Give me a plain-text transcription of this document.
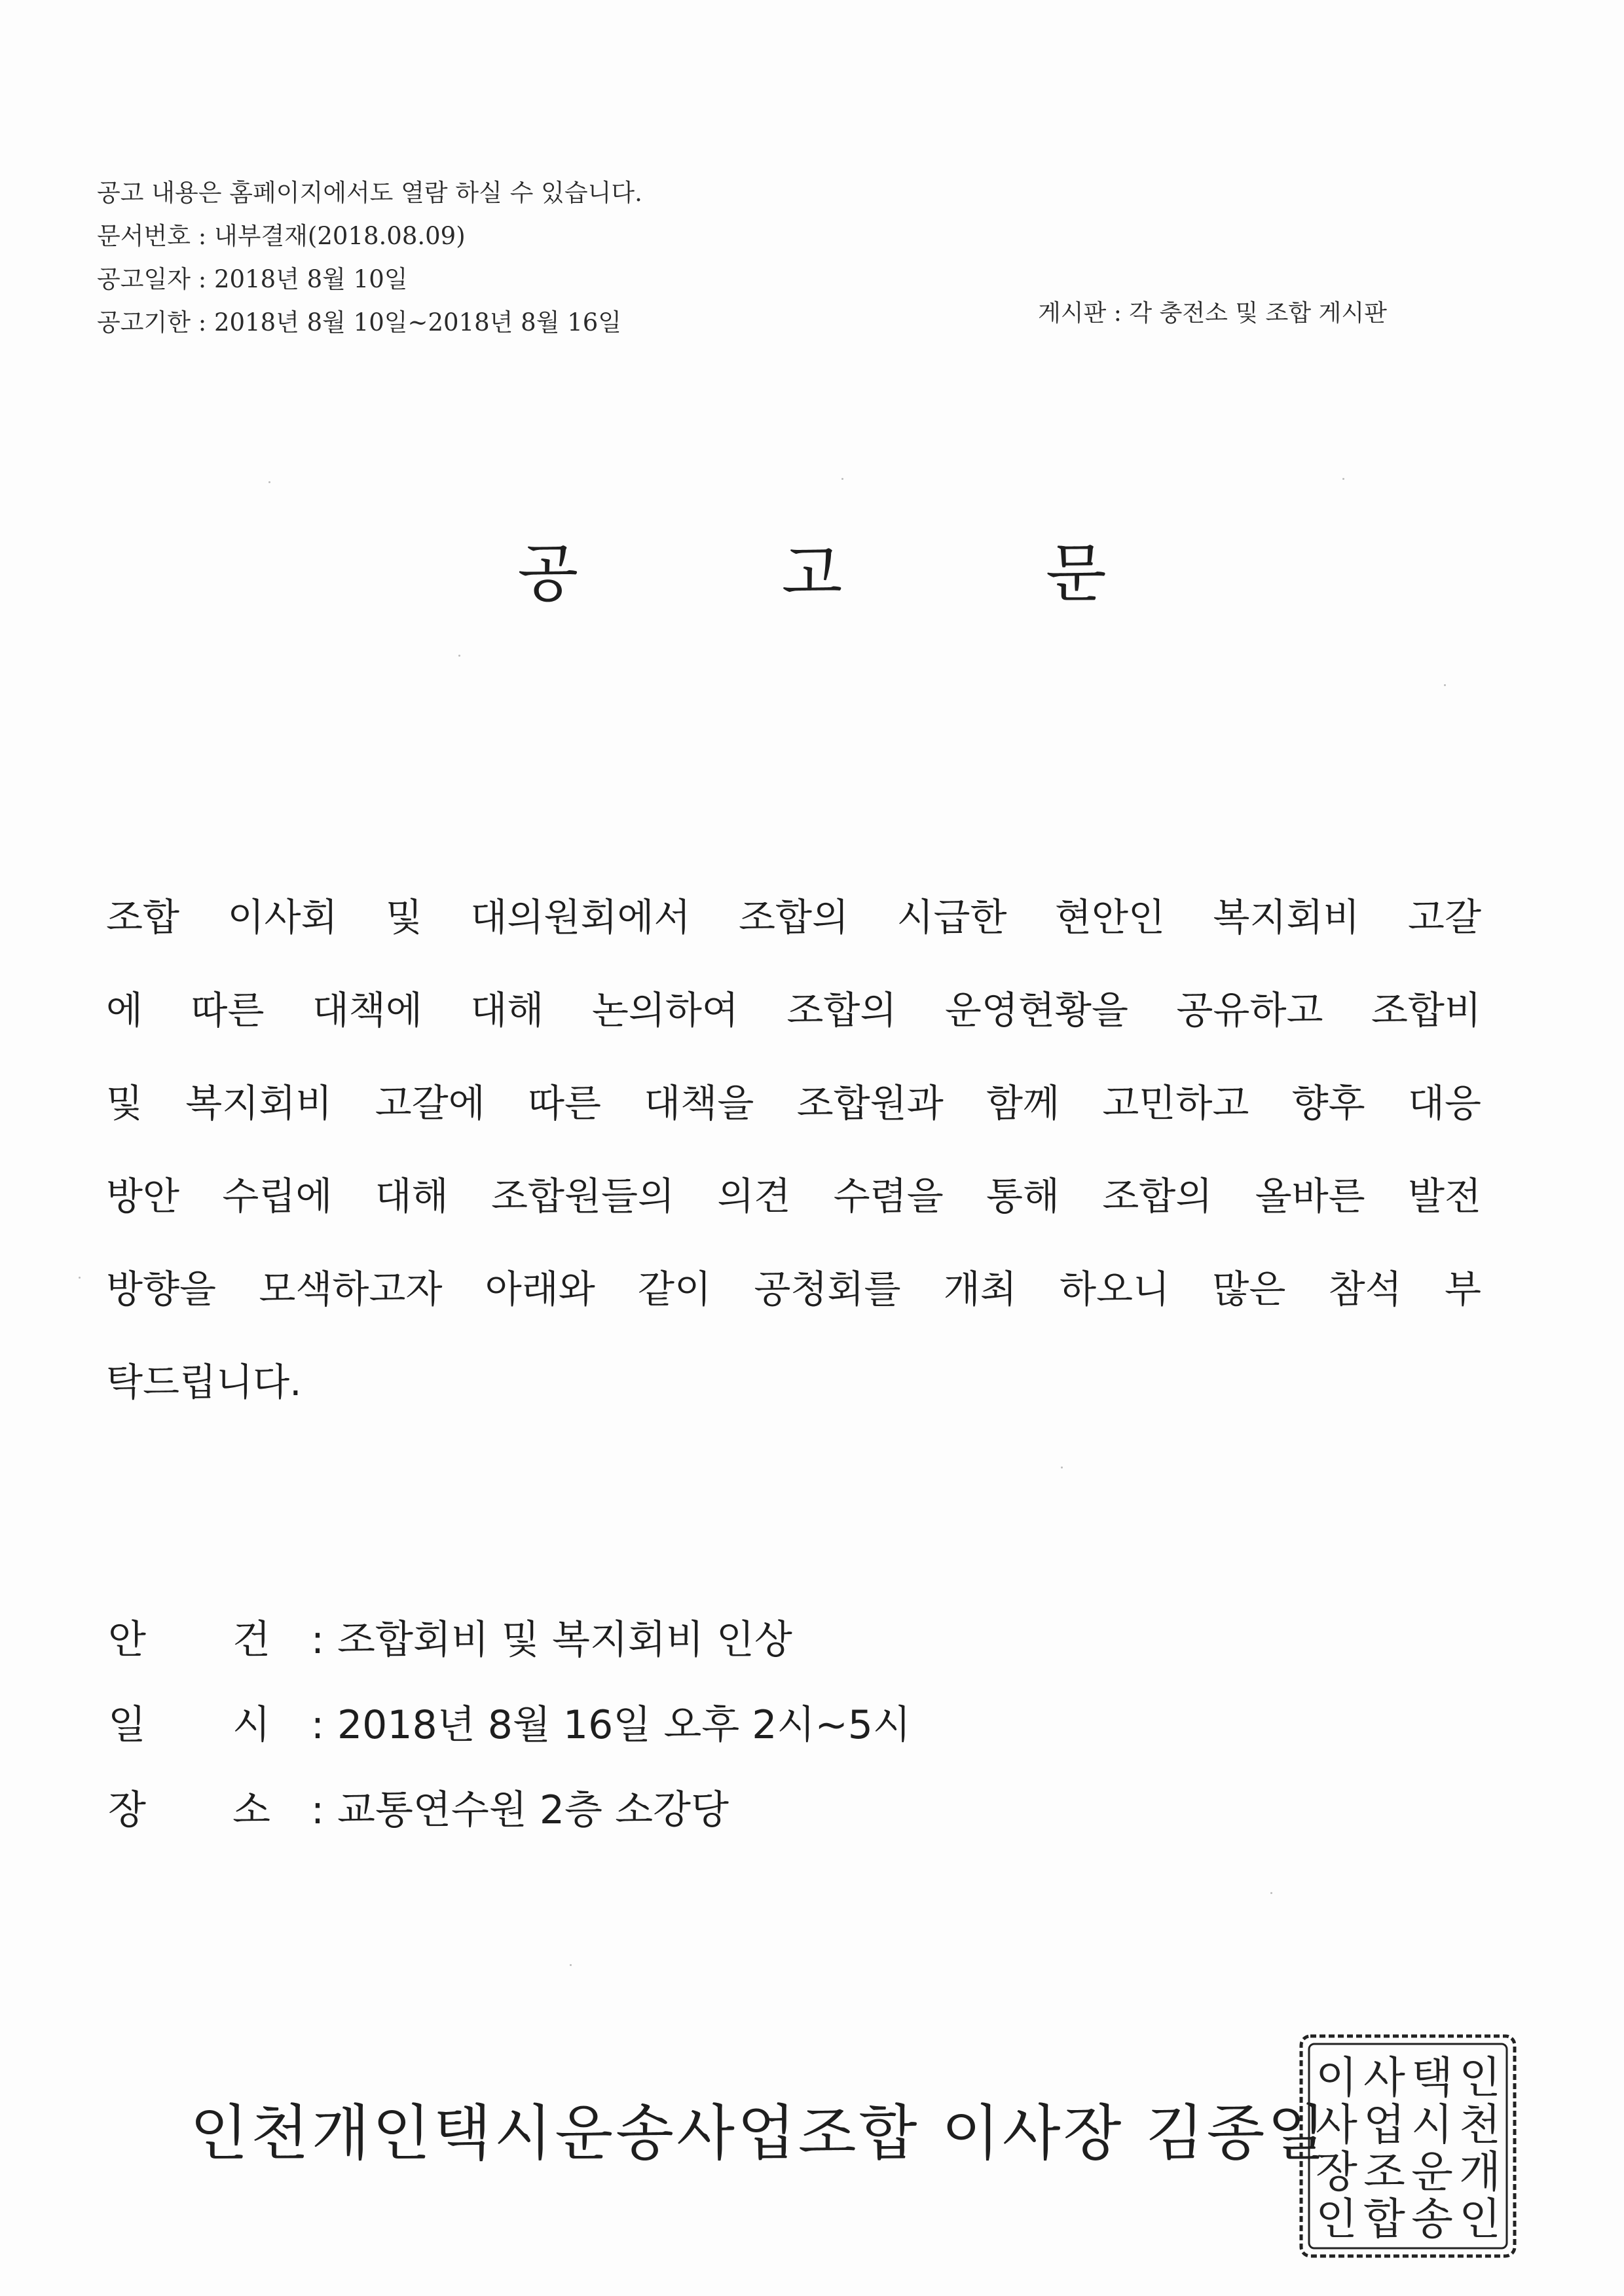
공고 내용은 홈페이지에서도 열람 하실 수 있습니다.
문서번호 : 내부결재(2018.08.09)
공고일자 : 2018년 8월 10일
공고기한 : 2018년 8월 10일~2018년 8월 16일	게시판 : 각 충전소 및 조합 게시판
공 고 문
조합 이사회 및 대의원회에서 조합의 시급한 현안인 복지회비 고갈
에 따른 대책에 대해 논의하여 조합의 운영현황을 공유하고 조합비
및 복지회비 고갈에 따른 대책을 조합원과 함께 고민하고 향후 대응
방안 수립에 대해 조합원들의 의견 수렴을 통해 조합의 올바른 발전
방향을 모색하고자 아래와 같이 공청회를 개최 하오니 많은 참석 부
탁드립니다.
안 건	: 조합회비 및 복지회비 인상
일 시	: 2018년 8월 16일 오후 2시~5시
장 소	: 교통연수원 2층 소강당
인천개인택시운송사업조합 이사장 김종일
인
천
개
인
택
시
운
송
사
업
조
합
이
사
장
인
